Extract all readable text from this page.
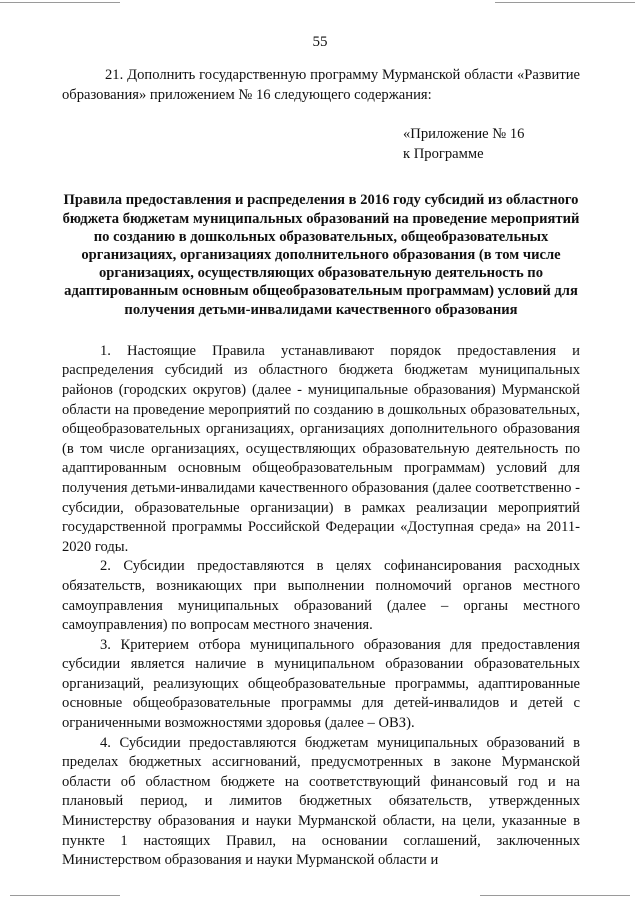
55

21. Дополнить государственную программу Мурманской области «Развитие образования» приложением № 16 следующего содержания:

«Приложение № 16
к Программе
Правила предоставления и распределения в 2016 году субсидий из областного бюджета бюджетам муниципальных образований на проведение мероприятий по созданию в дошкольных образовательных, общеобразовательных организациях, организациях дополнительного образования (в том числе организациях, осуществляющих образовательную деятельность по адаптированным основным общеобразовательным программам) условий для получения детьми-инвалидами качественного образования

1. Настоящие Правила устанавливают порядок предоставления и распределения субсидий из областного бюджета бюджетам муниципальных районов (городских округов) (далее - муниципальные образования) Мурманской области на проведение мероприятий по созданию в дошкольных образовательных, общеобразовательных организациях, организациях дополнительного образования (в том числе организациях, осуществляющих образовательную деятельность по адаптированным основным общеобразовательным программам) условий для получения детьми-инвалидами качественного образования (далее соответственно - субсидии, образовательные организации) в рамках реализации мероприятий государственной программы Российской Федерации «Доступная среда» на 2011-2020 годы.

2. Субсидии предоставляются в целях софинансирования расходных обязательств, возникающих при выполнении полномочий органов местного самоуправления муниципальных образований (далее – органы местного самоуправления) по вопросам местного значения.

3. Критерием отбора муниципального образования для предоставления субсидии является наличие в муниципальном образовании образовательных организаций, реализующих общеобразовательные программы, адаптированные основные общеобразовательные программы для детей-инвалидов и детей с ограниченными возможностями здоровья (далее – ОВЗ).

4. Субсидии предоставляются бюджетам муниципальных образований в пределах бюджетных ассигнований, предусмотренных в законе Мурманской области об областном бюджете на соответствующий финансовый год и на плановый период, и лимитов бюджетных обязательств, утвержденных Министерству образования и науки Мурманской области, на цели, указанные в пункте 1 настоящих Правил, на основании соглашений, заключенных Министерством образования и науки Мурманской области и
